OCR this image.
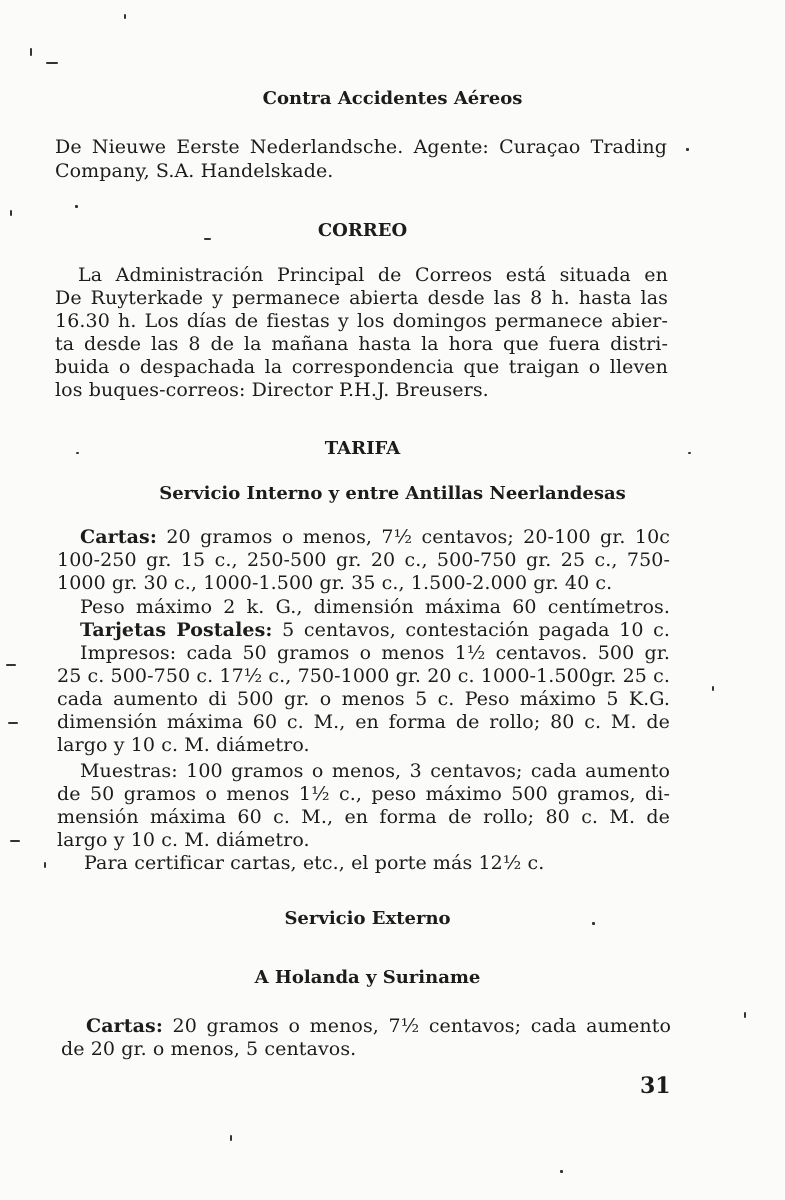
Contra Accidentes Aéreos
De Nieuwe Eerste Nederlandsche. Agente: Curaçao Trading
Company, S.A. Handelskade.
CORREO
La Administración Principal de Correos está situada en
De Ruyterkade y permanece abierta desde las 8 h. hasta las
16.30 h. Los días de fiestas y los domingos permanece abier-
ta desde las 8 de la mañana hasta la hora que fuera distri-
buida o despachada la correspondencia que traigan o lleven
los buques-correos: Director P.H.J. Breusers.
TARIFA
Servicio Interno y entre Antillas Neerlandesas
Cartas: 20 gramos o menos, 7½ centavos; 20-100 gr. 10c
100-250 gr. 15 c., 250-500 gr. 20 c., 500-750 gr. 25 c., 750-
1000 gr. 30 c., 1000-1.500 gr. 35 c., 1.500-2.000 gr. 40 c.
Peso máximo 2 k. G., dimensión máxima 60 centímetros.
Tarjetas Postales: 5 centavos, contestación pagada 10 c.
Impresos: cada 50 gramos o menos 1½ centavos. 500 gr.
25 c. 500-750 c. 17½ c., 750-1000 gr. 20 c. 1000-1.500gr. 25 c.
cada aumento di 500 gr. o menos 5 c. Peso máximo 5 K.G.
dimensión máxima 60 c. M., en forma de rollo; 80 c. M. de
largo y 10 c. M. diámetro.
Muestras: 100 gramos o menos, 3 centavos; cada aumento
de 50 gramos o menos 1½ c., peso máximo 500 gramos, di-
mensión máxima 60 c. M., en forma de rollo; 80 c. M. de
largo y 10 c. M. diámetro.
Para certificar cartas, etc., el porte más 12½ c.
Servicio Externo
A Holanda y Suriname
Cartas: 20 gramos o menos, 7½ centavos; cada aumento
de 20 gr. o menos, 5 centavos.
31
